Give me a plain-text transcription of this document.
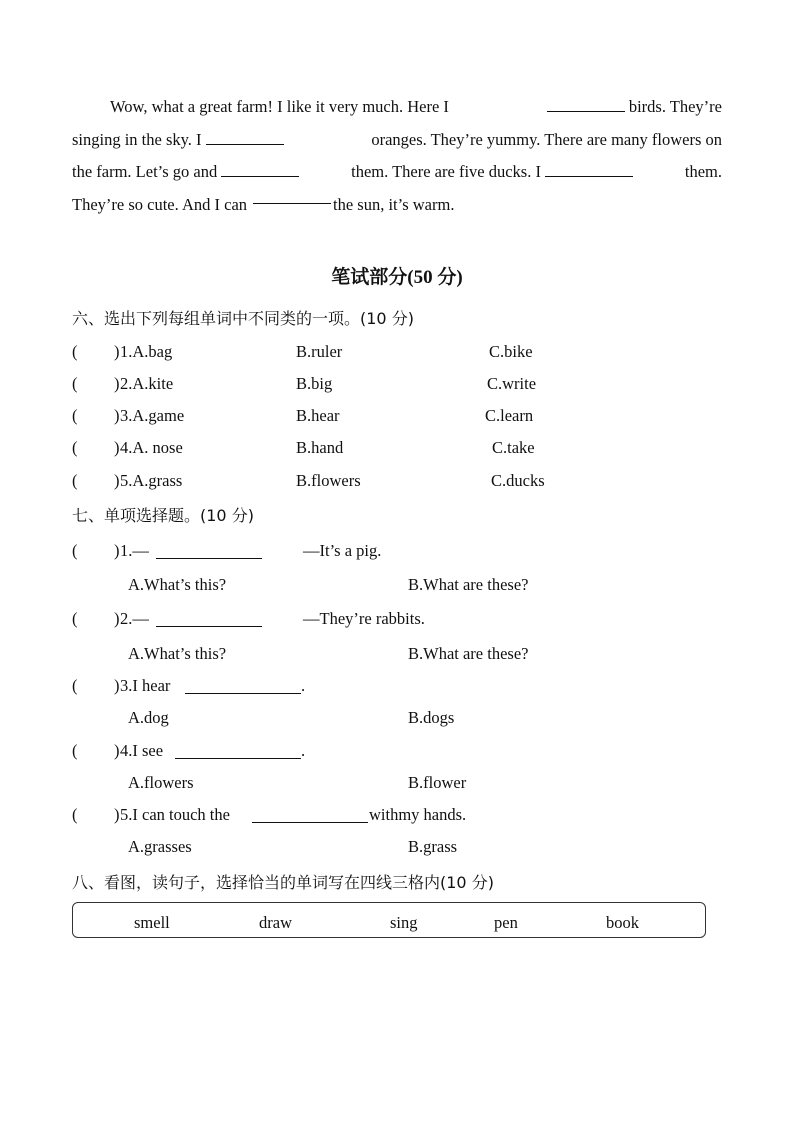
Wow, what a great farm! I like it very much. Here I	birds. They’re
singing in the sky. I	oranges. They’re yummy. There are many flowers on
the farm. Let’s go and	them. There are five ducks. I	them.
They’re so cute. And I can	the sun, it’s warm.
笔试部分(50 分)
六、选出下列每组单词中不同类的一项。(10 分)
( ) 1.A.bag	B.ruler	C.bike
( ) 2.A.kite	B.big	C.write
( ) 3.A.game	B.hear	C.learn
( ) 4.A. nose	B.hand	C.take
( ) 5.A.grass	B.flowers	C.ducks
七、单项选择题。(10 分)
( ) 1.—	—It’s a pig.
A.What’s this?	B.What are these?
( ) 2.—	—They’re rabbits.
A.What’s this?	B.What are these?
( ) 3.I hear	.
A.dog	B.dogs
( ) 4.I see	.
A.flowers	B.flower
( ) 5.I can touch the	withmy hands.
A.grasses	B.grass
八、看图，读句子，选择恰当的单词写在四线三格内(10 分)
smell	draw	sing	pen	book
